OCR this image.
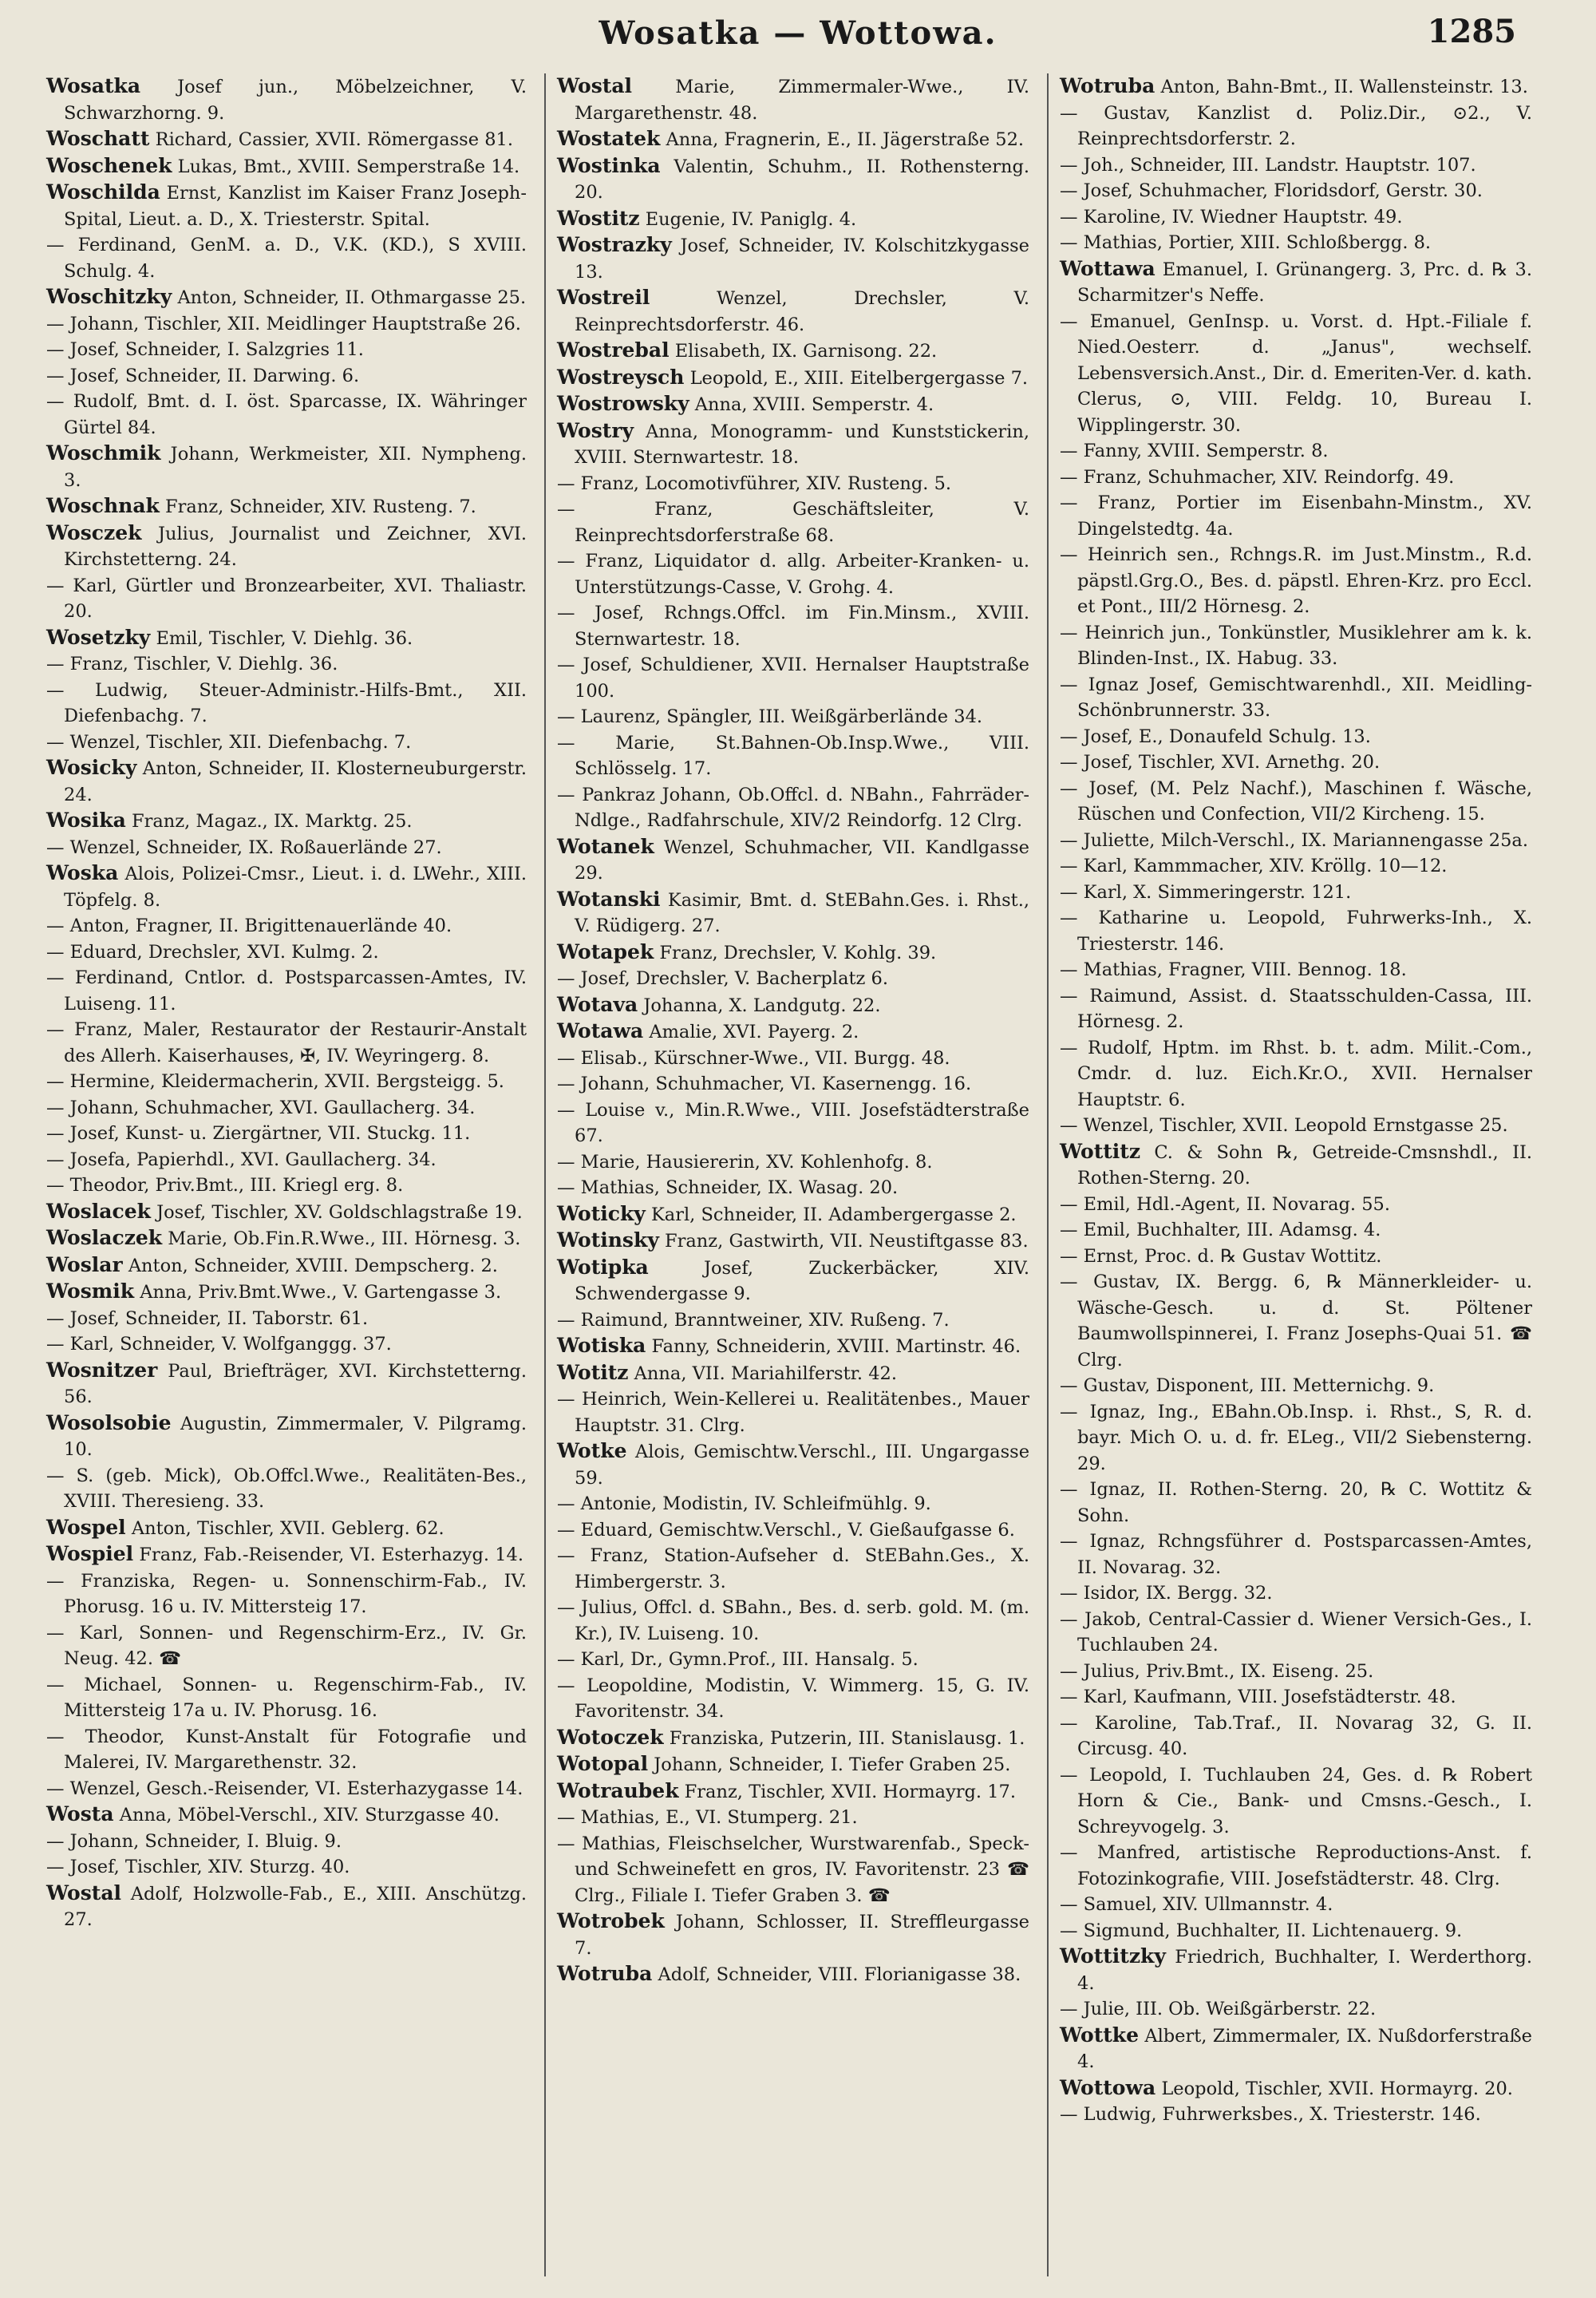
Wosatka — Wottowa.	1285

Wosatka Josef jun., Möbelzeichner, V. Schwarzhorng. 9.

Woschatt Richard, Cassier, XVII. Römergasse 81.

Woschenek Lukas, Bmt., XVIII. Semperstraße 14.

Woschilda Ernst, Kanzlist im Kaiser Franz Joseph-Spital, Lieut. a. D., X. Triesterstr. Spital.

— Ferdinand, GenM. a. D., V.K. (KD.), S XVIII. Schulg. 4.

Woschitzky Anton, Schneider, II. Othmargasse 25.

— Johann, Tischler, XII. Meidlinger Hauptstraße 26.

— Josef, Schneider, I. Salzgries 11.

— Josef, Schneider, II. Darwing. 6.

— Rudolf, Bmt. d. I. öst. Sparcasse, IX. Währinger Gürtel 84.

Woschmik Johann, Werkmeister, XII. Nympheng. 3.

Woschnak Franz, Schneider, XIV. Rusteng. 7.

Wosczek Julius, Journalist und Zeichner, XVI. Kirchstetterng. 24.

— Karl, Gürtler und Bronzearbeiter, XVI. Thaliastr. 20.

Wosetzky Emil, Tischler, V. Diehlg. 36.

— Franz, Tischler, V. Diehlg. 36.

— Ludwig, Steuer-Administr.-Hilfs-Bmt., XII. Diefenbachg. 7.

— Wenzel, Tischler, XII. Diefenbachg. 7.

Wosicky Anton, Schneider, II. Klosterneuburgerstr. 24.

Wosika Franz, Magaz., IX. Marktg. 25.

— Wenzel, Schneider, IX. Roßauerlände 27.

Woska Alois, Polizei-Cmsr., Lieut. i. d. LWehr., XIII. Töpfelg. 8.

— Anton, Fragner, II. Brigittenauerlände 40.

— Eduard, Drechsler, XVI. Kulmg. 2.

— Ferdinand, Cntlor. d. Postsparcassen-Amtes, IV. Luiseng. 11.

— Franz, Maler, Restaurator der Restaurir-Anstalt des Allerh. Kaiserhauses, ✠, IV. Weyringerg. 8.

— Hermine, Kleidermacherin, XVII. Bergsteigg. 5.

— Johann, Schuhmacher, XVI. Gaullacherg. 34.

— Josef, Kunst- u. Ziergärtner, VII. Stuckg. 11.

— Josefa, Papierhdl., XVI. Gaullacherg. 34.

— Theodor, Priv.Bmt., III. Kriegl erg. 8.

Woslacek Josef, Tischler, XV. Goldschlagstraße 19.

Woslaczek Marie, Ob.Fin.R.Wwe., III. Hörnesg. 3.

Woslar Anton, Schneider, XVIII. Dempscherg. 2.

Wosmik Anna, Priv.Bmt.Wwe., V. Gartengasse 3.

— Josef, Schneider, II. Taborstr. 61.

— Karl, Schneider, V. Wolfganggg. 37.

Wosnitzer Paul, Briefträger, XVI. Kirchstetterng. 56.

Wosolsobie Augustin, Zimmermaler, V. Pilgramg. 10.

— S. (geb. Mick), Ob.Offcl.Wwe., Realitäten-Bes., XVIII. Theresieng. 33.

Wospel Anton, Tischler, XVII. Geblerg. 62.

Wospiel Franz, Fab.-Reisender, VI. Esterhazyg. 14.

— Franziska, Regen- u. Sonnenschirm-Fab., IV. Phorusg. 16 u. IV. Mittersteig 17.

— Karl, Sonnen- und Regenschirm-Erz., IV. Gr. Neug. 42. ☎

— Michael, Sonnen- u. Regenschirm-Fab., IV. Mittersteig 17a u. IV. Phorusg. 16.

— Theodor, Kunst-Anstalt für Fotografie und Malerei, IV. Margarethenstr. 32.

— Wenzel, Gesch.-Reisender, VI. Esterhazygasse 14.

Wosta Anna, Möbel-Verschl., XIV. Sturzgasse 40.

— Johann, Schneider, I. Bluig. 9.

— Josef, Tischler, XIV. Sturzg. 40.

Wostal Adolf, Holzwolle-Fab., E., XIII. Anschützg. 27.

Wostal Marie, Zimmermaler-Wwe., IV. Margarethenstr. 48.

Wostatek Anna, Fragnerin, E., II. Jägerstraße 52.

Wostinka Valentin, Schuhm., II. Rothensterng. 20.

Wostitz Eugenie, IV. Paniglg. 4.

Wostrazky Josef, Schneider, IV. Kolschitzkygasse 13.

Wostreil	Wenzel, Drechsler, V. Reinprechtsdorferstr. 46.

Wostrebal Elisabeth, IX. Garnisong. 22.

Wostreysch Leopold, E., XIII. Eitelbergergasse 7.

Wostrowsky Anna, XVIII. Semperstr. 4.

Wostry Anna, Monogramm- und Kunststickerin, XVIII. Sternwartestr. 18.

— Franz, Locomotivführer, XIV. Rusteng. 5.

— Franz, Geschäftsleiter, V. Reinprechtsdorferstraße 68.

— Franz, Liquidator d. allg. Arbeiter-Kranken- u. Unterstützungs-Casse, V. Grohg. 4.

— Josef, Rchngs.Offcl. im Fin.Minsm., XVIII. Sternwartestr. 18.

— Josef, Schuldiener, XVII. Hernalser Hauptstraße 100.

— Laurenz, Spängler, III. Weißgärberlände 34.

— Marie, St.Bahnen-Ob.Insp.Wwe., VIII. Schlösselg. 17.

— Pankraz Johann, Ob.Offcl. d. NBahn., Fahrräder-Ndlge., Radfahrschule, XIV/2 Reindorfg. 12 Clrg.

Wotanek Wenzel, Schuhmacher, VII. Kandlgasse 29.

Wotanski Kasimir, Bmt. d. StEBahn.Ges. i. Rhst., V. Rüdigerg. 27.

Wotapek Franz, Drechsler, V. Kohlg. 39.

— Josef, Drechsler, V. Bacherplatz 6.

Wotava Johanna, X. Landgutg. 22.

Wotawa Amalie, XVI. Payerg. 2.

— Elisab., Kürschner-Wwe., VII. Burgg. 48.

— Johann, Schuhmacher, VI. Kasernengg. 16.

— Louise v., Min.R.Wwe., VIII. Josefstädterstraße 67.

— Marie, Hausiererin, XV. Kohlenhofg. 8.

— Mathias, Schneider, IX. Wasag. 20.

Woticky Karl, Schneider, II. Adambergergasse 2.

Wotinsky Franz, Gastwirth, VII. Neustiftgasse 83.

Wotipka	Josef, Zuckerbäcker, XIV. Schwendergasse 9.

— Raimund, Branntweiner, XIV. Rußeng. 7.

Wotiska Fanny, Schneiderin, XVIII. Martinstr. 46.

Wotitz Anna, VII. Mariahilferstr. 42.

— Heinrich, Wein-Kellerei u. Realitätenbes., Mauer Hauptstr. 31. Clrg.

Wotke Alois, Gemischtw.Verschl., III. Ungargasse 59.

— Antonie, Modistin, IV. Schleifmühlg. 9.

— Eduard, Gemischtw.Verschl., V. Gießaufgasse 6.

— Franz, Station-Aufseher d. StEBahn.Ges., X. Himbergerstr. 3.

— Julius, Offcl. d. SBahn., Bes. d. serb. gold. M. (m. Kr.), IV. Luiseng. 10.

— Karl, Dr., Gymn.Prof., III. Hansalg. 5.

— Leopoldine, Modistin, V. Wimmerg. 15, G. IV. Favoritenstr. 34.

Wotoczek Franziska, Putzerin, III. Stanislausg. 1.

Wotopal Johann, Schneider, I. Tiefer Graben 25.

Wotraubek Franz, Tischler, XVII. Hormayrg. 17.

— Mathias, E., VI. Stumperg. 21.

— Mathias, Fleischselcher, Wurstwarenfab., Speck- und Schweinefett en gros, IV. Favoritenstr. 23 ☎ Clrg., Filiale I. Tiefer Graben 3. ☎

Wotrobek Johann, Schlosser, II. Streffleurgasse 7.

Wotruba Adolf, Schneider, VIII. Florianigasse 38.

Wotruba Anton, Bahn-Bmt., II. Wallensteinstr. 13.

— Gustav, Kanzlist d. Poliz.Dir., ⊙2., V. Reinprechtsdorferstr. 2.

— Joh., Schneider, III. Landstr. Hauptstr. 107.

— Josef, Schuhmacher, Floridsdorf, Gerstr. 30.

— Karoline, IV. Wiedner Hauptstr. 49.

— Mathias, Portier, XIII. Schloßbergg. 8.

Wottawa Emanuel, I. Grünangerg. 3, Prc. d. ℞ 3. Scharmitzer's Neffe.

— Emanuel, GenInsp. u. Vorst. d. Hpt.-Filiale f. Nied.Oesterr. d. „Janus", wechself. Lebensversich.Anst., Dir. d. Emeriten-Ver. d. kath. Clerus, ⊙, VIII. Feldg. 10, Bureau I. Wipplingerstr. 30.

— Fanny, XVIII. Semperstr. 8.

— Franz, Schuhmacher, XIV. Reindorfg. 49.

— Franz, Portier im Eisenbahn-Minstm., XV. Dingelstedtg. 4a.

— Heinrich sen., Rchngs.R. im Just.Minstm., R.d. päpstl.Grg.O., Bes. d. päpstl. Ehren-Krz. pro Eccl. et Pont., III/2 Hörnesg. 2.

— Heinrich jun., Tonkünstler, Musiklehrer am k. k. Blinden-Inst., IX. Habug. 33.

— Ignaz Josef, Gemischtwarenhdl., XII. Meidling-Schönbrunnerstr. 33.

— Josef, E., Donaufeld Schulg. 13.

— Josef, Tischler, XVI. Arnethg. 20.

— Josef, (M. Pelz Nachf.), Maschinen f. Wäsche, Rüschen und Confection, VII/2 Kircheng. 15.

— Juliette, Milch-Verschl., IX. Mariannengasse 25a.

— Karl, Kammmacher, XIV. Kröllg. 10—12.

— Karl, X. Simmeringerstr. 121.

— Katharine u. Leopold, Fuhrwerks-Inh., X. Triesterstr. 146.

— Mathias, Fragner, VIII. Bennog. 18.

— Raimund, Assist. d. Staatsschulden-Cassa, III. Hörnesg. 2.

— Rudolf, Hptm. im Rhst. b. t. adm. Milit.-Com., Cmdr. d. luz. Eich.Kr.O., XVII. Hernalser Hauptstr. 6.

— Wenzel, Tischler, XVII. Leopold Ernstgasse 25.

Wottitz C. & Sohn ℞, Getreide-Cmsnshdl., II. Rothen-Sterng. 20.

— Emil, Hdl.-Agent, II. Novarag. 55.

— Emil, Buchhalter, III. Adamsg. 4.

— Ernst, Proc. d. ℞ Gustav Wottitz.

— Gustav, IX. Bergg. 6, ℞ Männerkleider- u. Wäsche-Gesch. u. d. St. Pöltener Baumwollspinnerei, I. Franz Josephs-Quai 51. ☎ Clrg.

— Gustav, Disponent, III. Metternichg. 9.

— Ignaz, Ing., EBahn.Ob.Insp. i. Rhst., S, R. d. bayr. Mich O. u. d. fr. ELeg., VII/2 Siebensterng. 29.

— Ignaz, II. Rothen-Sterng. 20, ℞ C. Wottitz & Sohn.

— Ignaz, Rchngsführer d. Postsparcassen-Amtes, II. Novarag. 32.

— Isidor, IX. Bergg. 32.

— Jakob, Central-Cassier d. Wiener Versich-Ges., I. Tuchlauben 24.

— Julius, Priv.Bmt., IX. Eiseng. 25.

— Karl, Kaufmann, VIII. Josefstädterstr. 48.

— Karoline, Tab.Traf., II. Novarag 32, G. II. Circusg. 40.

— Leopold, I. Tuchlauben 24, Ges. d. ℞ Robert Horn & Cie., Bank- und Cmsns.-Gesch., I. Schreyvogelg. 3.

— Manfred, artistische Reproductions-Anst. f. Fotozinkografie, VIII. Josefstädterstr. 48. Clrg.

— Samuel, XIV. Ullmannstr. 4.

— Sigmund, Buchhalter, II. Lichtenauerg. 9.

Wottitzky Friedrich, Buchhalter, I. Werderthorg. 4.

— Julie, III. Ob. Weißgärberstr. 22.

Wottke Albert, Zimmermaler, IX. Nußdorferstraße 4.

Wottowa Leopold, Tischler, XVII. Hormayrg. 20.

— Ludwig, Fuhrwerksbes., X. Triesterstr. 146.
